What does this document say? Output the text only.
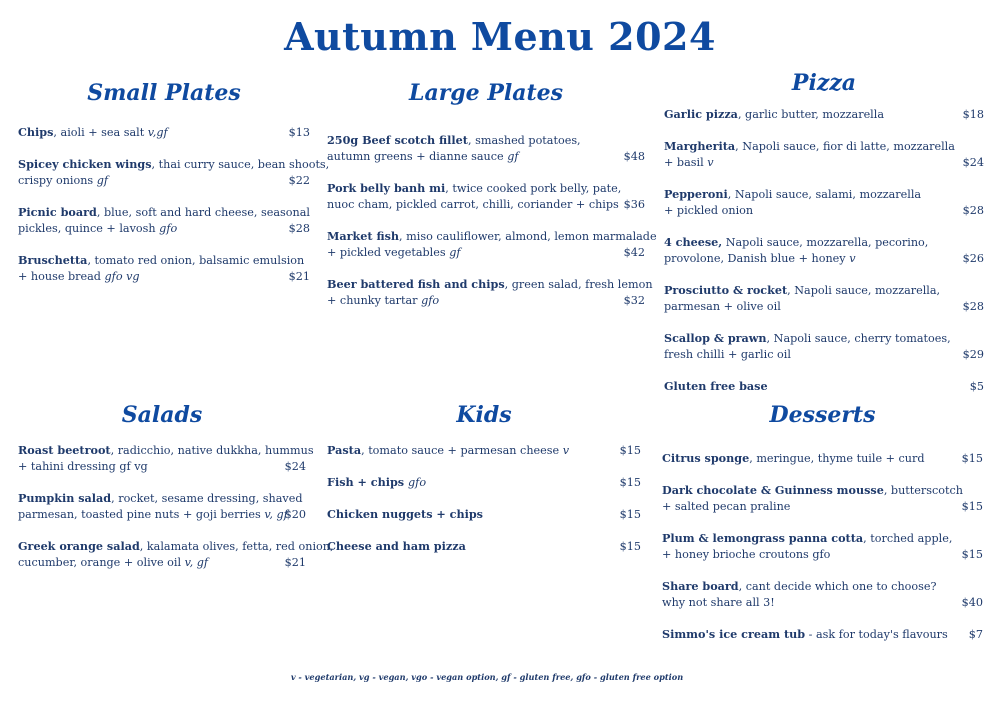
Autumn Menu 2024
Small Plates
Chips, aioli + sea salt v,gf	$13
Spicey chicken wings, thai curry sauce, bean shoots,
crispy onions gf	$22
Picnic board, blue, soft and hard cheese, seasonal
pickles, quince + lavosh gfo	$28
Bruschetta, tomato red onion, balsamic emulsion
+ house bread gfo vg	$21
Large Plates
250g Beef scotch fillet, smashed potatoes,
autumn greens + dianne sauce gf	$48
Pork belly banh mi, twice cooked pork belly, pate,
nuoc cham, pickled carrot, chilli, coriander + chips $36
Market fish, miso cauliflower, almond, lemon marmalade
+ pickled vegetables gf	$42
Beer battered fish and chips, green salad, fresh lemon
+ chunky tartar gfo	$32
Pizza
Garlic pizza, garlic butter, mozzarella	$18
Margherita, Napoli sauce, fior di latte, mozzarella
+ basil v	$24
Pepperoni, Napoli sauce, salami, mozzarella
+ pickled onion	$28
4 cheese, Napoli sauce, mozzarella, pecorino,
provolone, Danish blue + honey v	$26
Prosciutto & rocket, Napoli sauce, mozzarella,
parmesan + olive oil	$28
Scallop & prawn, Napoli sauce, cherry tomatoes,
fresh chilli + garlic oil	$29
Gluten free base	$5
Salads
Roast beetroot, radicchio, native dukkha, hummus
+ tahini dressing gf vg	$24
Pumpkin salad, rocket, sesame dressing, shaved
parmesan, toasted pine nuts + goji berries v, gf
$20
Greek orange salad, kalamata olives, fetta, red onion,
cucumber, orange + olive oil v, gf	$21
Kids
Pasta, tomato sauce + parmesan cheese v	$15
Fish + chips gfo	$15
Chicken nuggets + chips	$15
Cheese and ham pizza	$15
Desserts
Citrus sponge, meringue, thyme tuile + curd	$15
Dark chocolate & Guinness mousse, butterscotch
+ salted pecan praline	$15
Plum & lemongrass panna cotta, torched apple,
+ honey brioche croutons gfo	$15
Share board, cant decide which one to choose?
why not share all 3!	$40
Simmo's ice cream tub - ask for today's flavours $7
v - vegetarian, vg - vegan, vgo - vegan option, gf - gluten free, gfo - gluten free option
